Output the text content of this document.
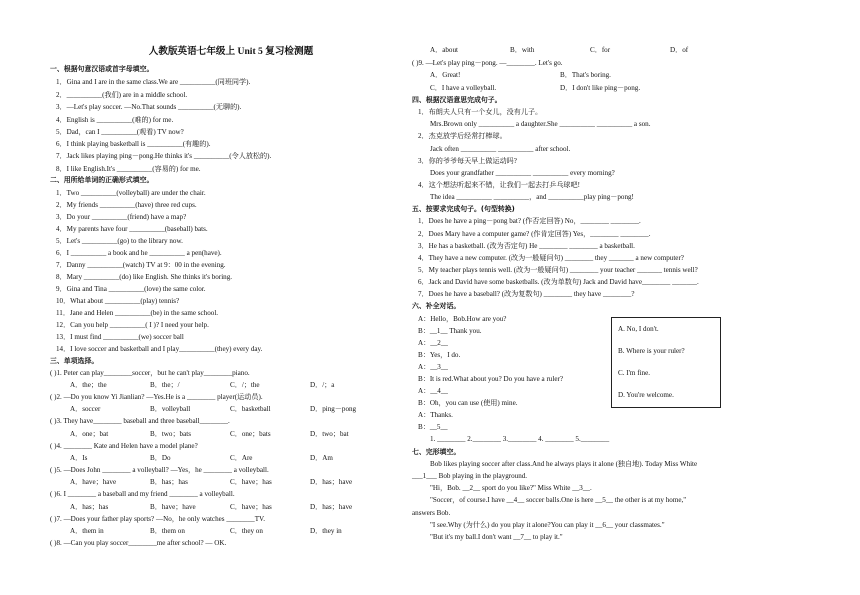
人教版英语七年级上 Unit 5 复习检测题
一、根据句意汉语或首字母填空。
1．Gina and I are in the same class.We are __________(同班同学).
2．__________(我们) are in a middle school.
3．—Let's play soccer. —No.That sounds __________(无聊的).
4．English is __________(难的) for me.
5．Dad，can I __________(观看) TV now?
6．I think playing basketball is __________(有趣的).
7．Jack likes playing ping－pong.He thinks it's __________(令人放松的).
8．I like English.It's __________(容易的) for me.
二、用所给单词的正确形式填空。
1．Two __________(volleyball) are under the chair.
2．My friends __________(have) three red cups.
3．Do your __________(friend) have a map?
4．My parents have four __________(baseball) bats.
5．Let's __________(go) to the library now.
6．I __________ a book and he __________ a pen(have).
7．Danny __________(watch) TV at 9：00 in the evening.
8．Mary __________(do) like English. She thinks it's boring.
9．Gina and Tina __________(love) the same color.
10．What about __________(play) tennis?
11．Jane and Helen __________(be) in the same school.
12．Can you help __________( I )? I need your help.
13．I must find __________(we) soccer ball
14．I love soccer and basketball and I play__________(they) every day.
三、单项选择。
( )1. Peter can play________soccer，but he can't play________piano.
A．the；the	B．the；/	C．/；the	D．/；a
( )2. —Do you know Yi Jianlian? —Yes.He is a ________ player(运动员).
A．soccer	B．volleyball	C．basketball	D．ping－pong
( )3. They have________ baseball and three baseball________.
A．one；bat	B．two；bats	C．one；bats	D．two；bat
( )4. ________ Kate and Helen have a model plane?
A．Is	B．Do	C．Are	D．Am
( )5. —Does John ________ a volleyball? —Yes，he ________ a volleyball.
A．have；have	B．has；has	C．have；has	D．has；have
( )6. I ________ a baseball and my friend ________ a volleyball.
A．has；has	B．have；have	C．have；has	D．has；have
( )7. —Does your father play sports? —No，he only watches ________TV.
A．them in	B．them on	C．they on	D．they in
( )8. —Can you play soccer________me after school? — OK.
A．about	B．with	C．for	D．of
( )9. —Let's play ping－pong. —________. Let's go.
A．Great!	B．That's boring.
C．I have a volleyball.	D．I don't like ping－pong.
四、根据汉语意思完成句子。
1．布朗夫人只有一个女儿，没有儿子。
Mrs.Brown only __________ a daughter.She __________ __________ a son.
2．杰克放学后经常打棒球。
Jack often __________ __________ after school.
3．你的爷爷每天早上做运动吗?
Does your grandfather __________ __________ every morning?
4．这个想法听起来不错，让我们一起去打乒乓球吧!
The idea __________ __________，and __________play ping－pong!
五、按要求完成句子。(句型转换)
1．Does he have a ping－pong bat? (作否定回答) No，________ ________.
2．Does Mary have a computer game? (作肯定回答) Yes，________ ________.
3．He has a basketball. (改为否定句) He ________ ________ a basketball.
4．They have a new computer. (改为一般疑问句) ________ they _______ a new computer?
5．My teacher plays tennis well. (改为一般疑问句) ________ your teacher _______ tennis well?
6．Jack and David have some basketballs. (改为单数句) Jack and David have________ _______.
7．Does he have a baseball? (改为复数句) ________ they have ________?
六、补全对话。
A：Hello，Bob.How are you?
B：__1__ Thank you.
A：__2__
B：Yes，I do.
A：__3__
B：It is red.What about you? Do you have a ruler?
A：__4__
B：Oh，you can use (使用) mine.
A：Thanks.
B：__5__
1. ________ 2.________ 3.________ 4. ________ 5.________
七、完形填空。
Bob likes playing soccer after class.And he always plays it alone (独自地). Today Miss White
___1___ Bob playing in the playground.
"Hi，Bob. __2__ sport do you like?" Miss White __3__.
"Soccer，of course.I have __4__ soccer balls.One is here __5__ the other is at my home,"
answers Bob.
"I see.Why (为什么) do you play it alone?You can play it __6__ your classmates."
"But it's my ball.I don't want __7__ to play it."
A. No, I don't.
B. Where is your ruler?
C. I'm fine.
D. You're welcome.
